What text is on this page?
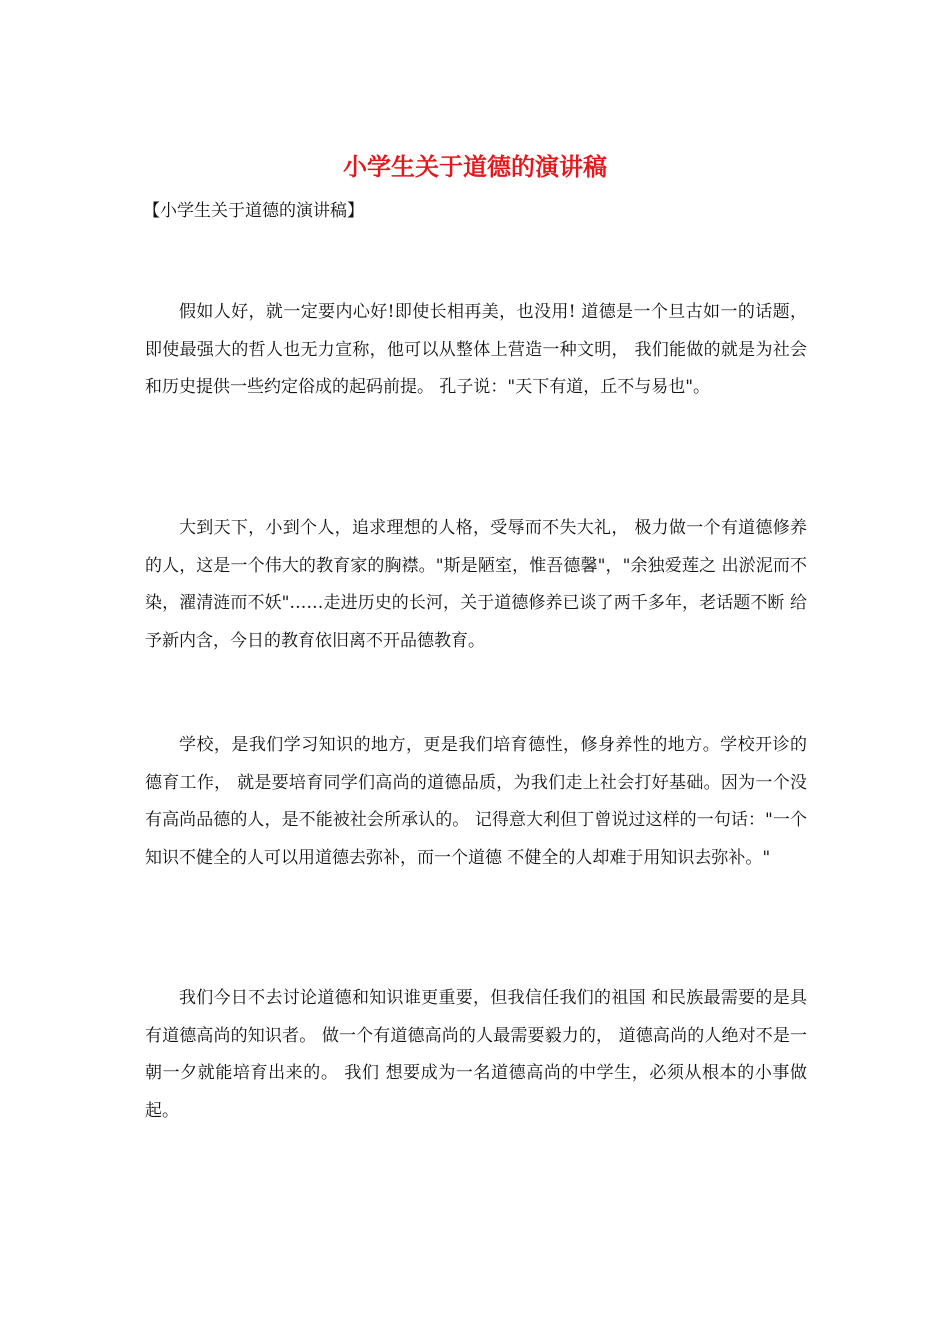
小学生关于道德的演讲稿

【小学生关于道德的演讲稿】

假如人好，就一定要内心好!即使长相再美，也没用! 道德是一个旦古如一的话题，即使最强大的哲人也无力宣称，他可以从整体上营造一种文明， 我们能做的就是为社会和历史提供一些约定俗成的起码前提。 孔子说："天下有道，丘不与易也"。

大到天下，小到个人，追求理想的人格，受辱而不失大礼， 极力做一个有道德修养的人，这是一个伟大的教育家的胸襟。"斯是陋室，惟吾德馨"，"余独爱莲之 出淤泥而不染，濯清涟而不妖"……走进历史的长河，关于道德修养已谈了两千多年，老话题不断 给予新内含，今日的教育依旧离不开品德教育。

学校，是我们学习知识的地方，更是我们培育德性，修身养性的地方。学校开诊的德育工作， 就是要培育同学们高尚的道德品质，为我们走上社会打好基础。因为一个没有高尚品德的人，是不能被社会所承认的。 记得意大利但丁曾说过这样的一句话："一个知识不健全的人可以用道德去弥补，而一个道德 不健全的人却难于用知识去弥补。"

我们今日不去讨论道德和知识谁更重要，但我信任我们的祖国 和民族最需要的是具有道德高尚的知识者。 做一个有道德高尚的人最需要毅力的， 道德高尚的人绝对不是一朝一夕就能培育出来的。 我们 想要成为一名道德高尚的中学生，必须从根本的小事做起。
